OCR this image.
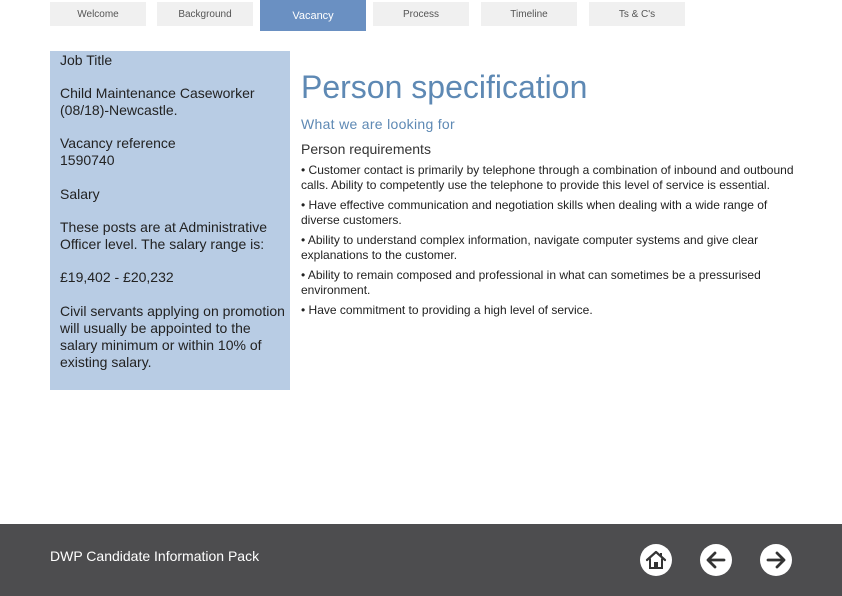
Welcome	Background	Vacancy	Process	Timeline	Ts & C's
Job Title
Child Maintenance Caseworker (08/18)-Newcastle.
Vacancy reference
1590740
Salary
These posts are at Administrative Officer level. The salary range is:
£19,402 - £20,232
Civil servants applying on promotion will usually be appointed to the salary minimum or within 10% of existing salary.
Person specification
What we are looking for
Person requirements
• Customer contact is primarily by telephone through a combination of inbound and outbound calls. Ability to competently use the telephone to provide this level of service is essential.
• Have effective communication and negotiation skills when dealing with a wide range of diverse customers.
• Ability to understand complex information, navigate computer systems and give clear explanations to the customer.
• Ability to remain composed and professional in what can sometimes be a pressurised environment.
• Have commitment to providing a high level of service.
DWP Candidate Information Pack
